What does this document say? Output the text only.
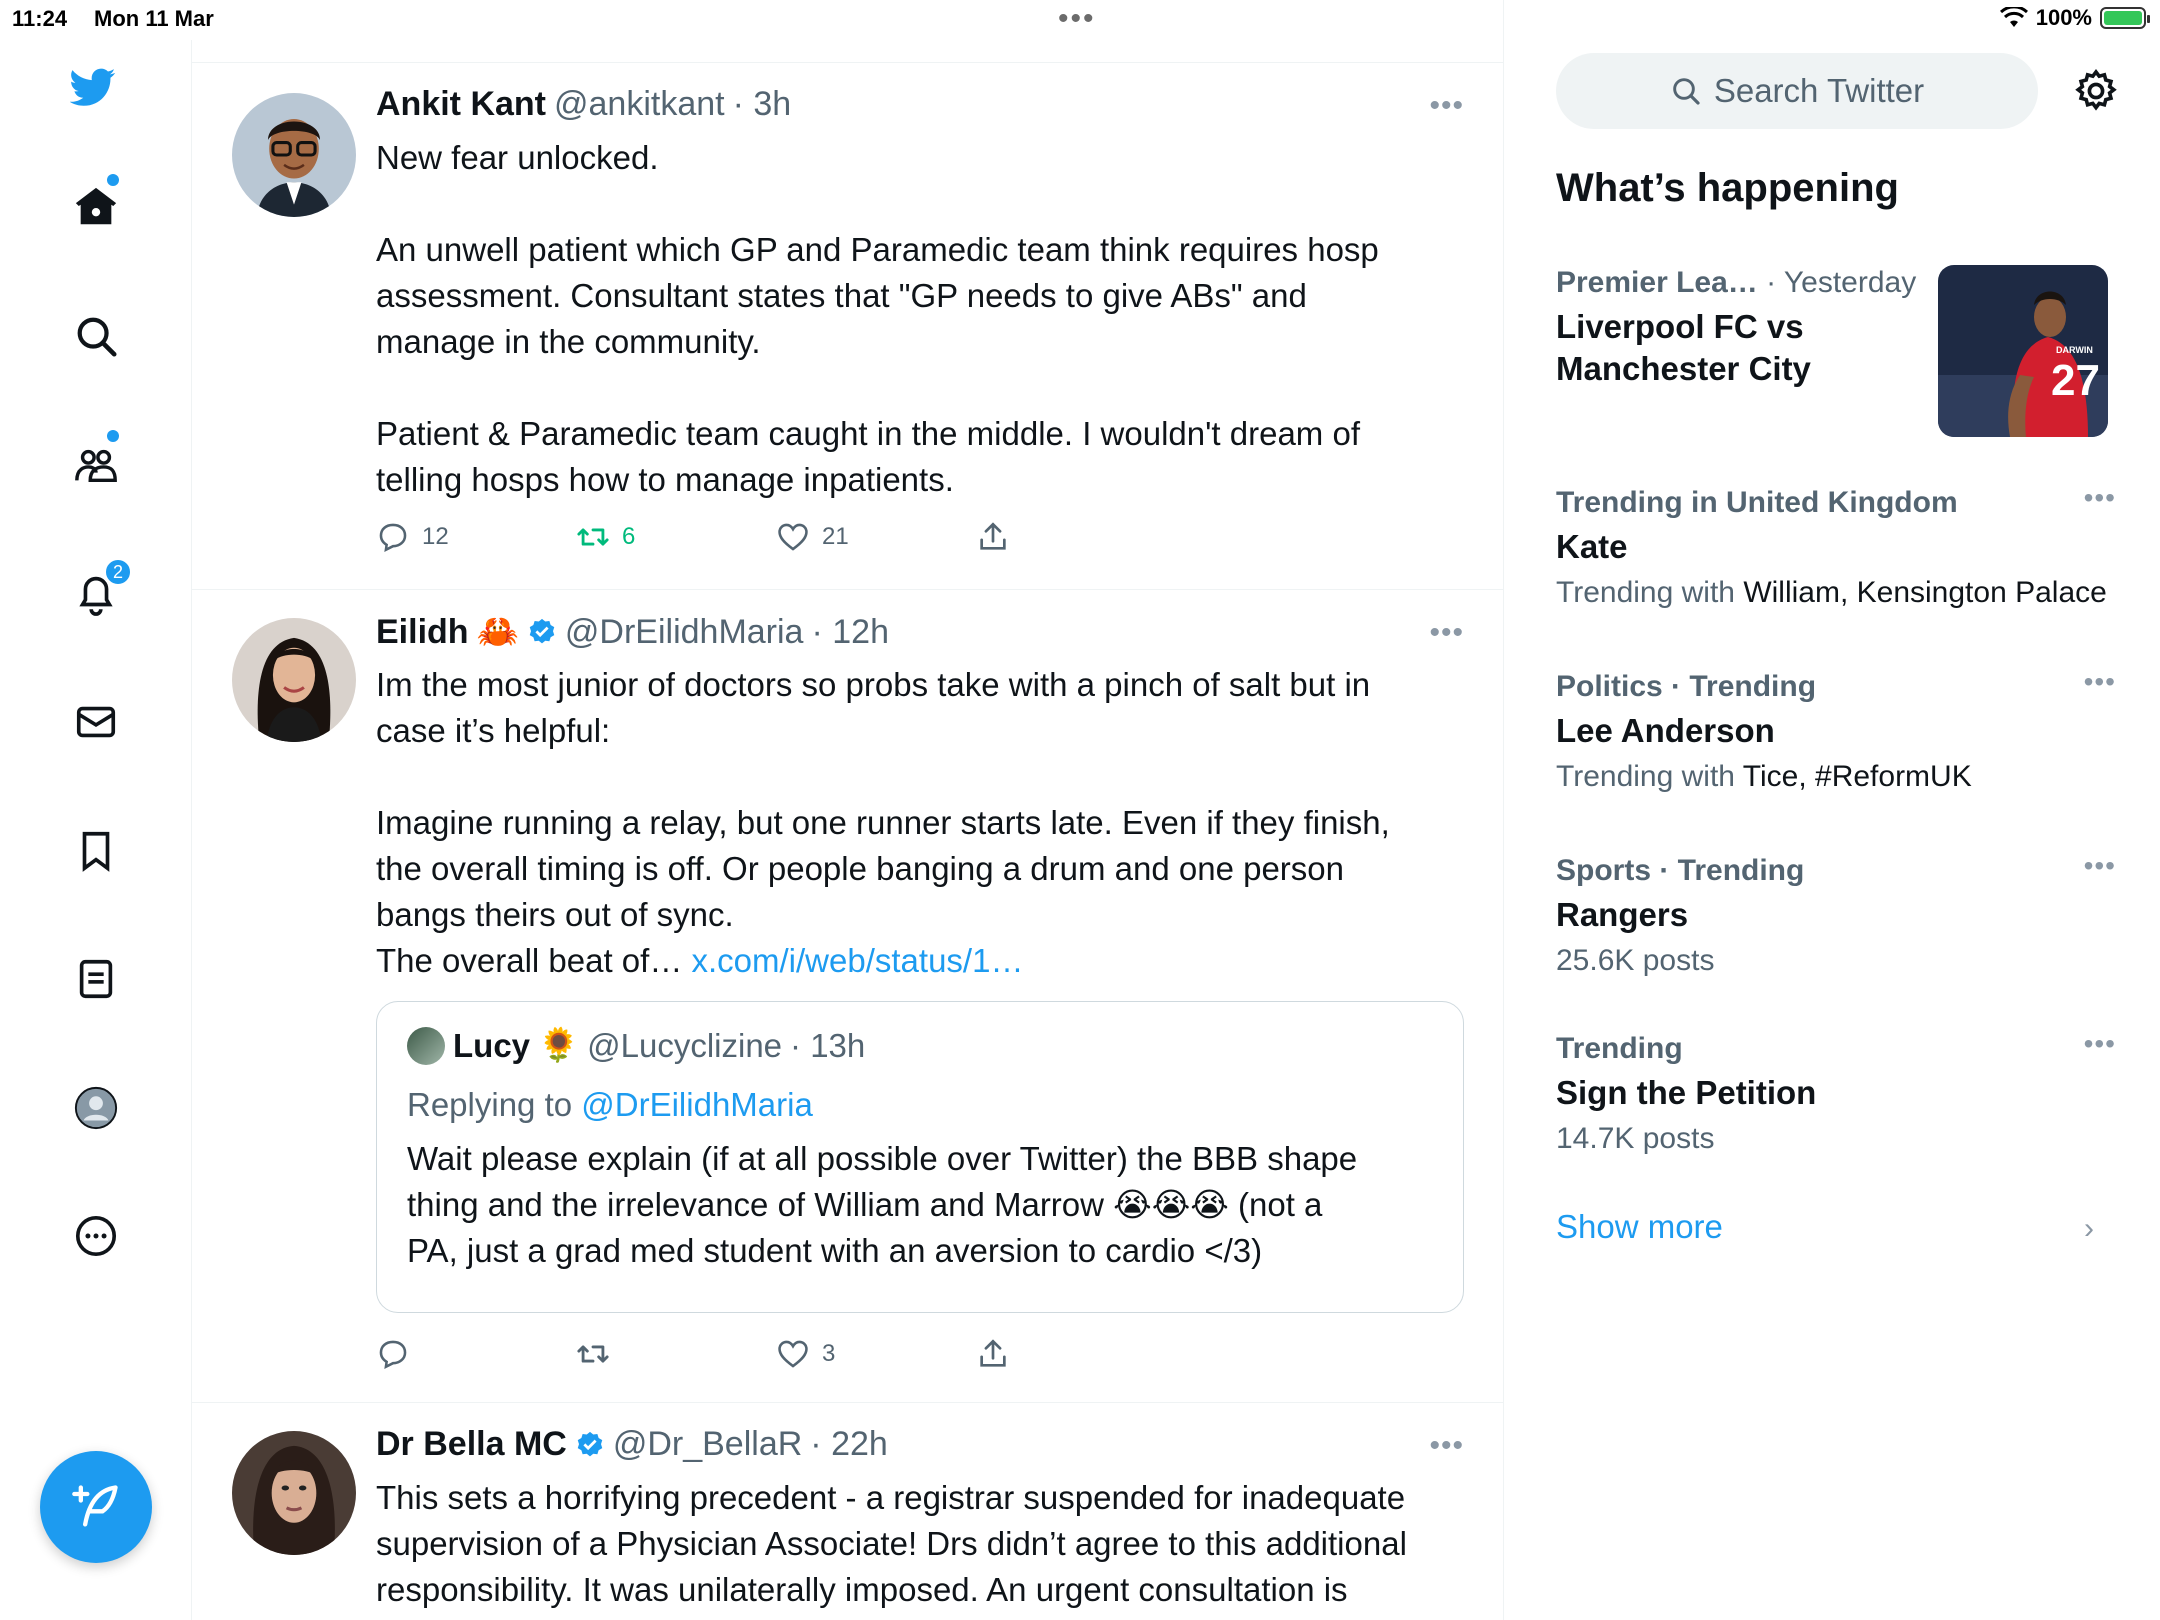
11:24 Mon 11 Mar	•••	100%
2
Ankit Kant @ankitkant · 3h	•••

New fear unlocked.

An unwell patient which GP and Paramedic team think requires hosp

assessment. Consultant states that "GP needs to give ABs" and

manage in the community.

Patient & Paramedic team caught in the middle. I wouldn't dream of

telling hosps how to manage inpatients.

12	6	21
Eilidh 🦀 @DrEilidhMaria · 12h	•••

Im the most junior of doctors so probs take with a pinch of salt but in

case it’s helpful:

Imagine running a relay, but one runner starts late. Even if they finish,

the overall timing is off. Or people banging a drum and one person

bangs theirs out of sync.

The overall beat of… x.com/i/web/status/1…

Lucy 🌻 @Lucyclizine · 13h
Replying to @DrEilidhMaria

Wait please explain (if at all possible over Twitter) the BBB shape

thing and the irrelevance of William and Marrow 😭😭😭 (not a

PA, just a grad med student with an aversion to cardio </3)

3
Dr Bella MC @Dr_BellaR · 22h	•••

This sets a horrifying precedent - a registrar suspended for inadequate

supervision of a Physician Associate! Drs didn’t agree to this additional

responsibility. It was unilaterally imposed. An urgent consultation is

Search Twitter
What’s happening
Premier Lea… · Yesterday
Liverpool FC vs
Manchester City	DARWIN
27
Trending in United Kingdom	•••
Kate
Trending with William, Kensington Palace
Politics · Trending	•••
Lee Anderson
Trending with Tice, #ReformUK
Sports · Trending	•••
Rangers
25.6K posts
Trending	•••
Sign the Petition
14.7K posts
Show more	›
